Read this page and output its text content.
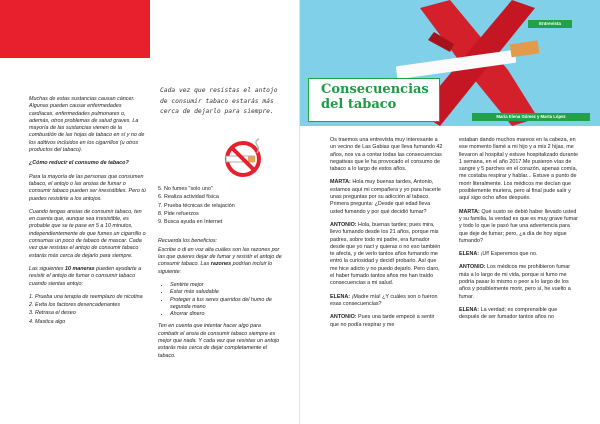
Muchas de estas sustancias causan cáncer. Algunas pueden causar enfermedades cardíacas, enfermedades pulmonares o, además, otros problemas de salud graves. La mayoría de las sustancias vienen de la combustión de las hojas de tabaco en sí y no de los aditivos incluidos en los cigarrillos (u otros productos del tabaco).

¿Cómo reducir el consumo de tabaco?

Para la mayoría de las personas que consumen tabaco, el antojo o las ansias de fumar o consumir tabaco pueden ser irresistibles. Pero tú puedes resistirte a los antojos.

Cuando tengas ansias de consumir tabaco, ten en cuenta que, aunque sea irresistible, es probable que se te pase en 5 a 10 minutos, independientemente de que fumes un cigarrillo o consumas un poco de tabaco de mascar. Cada vez que resistas el antojo de consumir tabaco estarás más cerca de dejarlo para siempre.

Las siguientes 10 maneras pueden ayudarte a resistir el antojo de fumar o consumir tabaco cuando sientas antojo:

1. Prueba una terapia de reemplazo de nicotina
2. Evita los factores desencadenantes
3. Retrasa el deseo
4. Mastica algo
Cada vez que resistas el antojo de consumir tabaco estarás más cerca de dejarlo para siempre.
5. No fumes "solo uno"
6. Realiza actividad física
7. Prueba técnicas de relajación
8. Pide refuerzos
9. Busca ayuda en Internet

Recuerda los beneficios:

Escribe o di en voz alta cuáles son las razones por las que quieres dejar de fumar y resistir el antojo de consumir tabaco. Las razones podrían incluir lo siguiente:

• Sentirte mejor
• Estar más saludable
• Proteger a tus seres queridos del humo de segunda mano
• Ahorrar dinero

Ten en cuenta que intentar hacer algo para combatir el ansia de consumir tabaco siempre es mejor que nada. Y cada vez que resistas un antojo estarás más cerca de dejar completamente el tabaco.

Entrevista
Consecuencias
del tabaco
María Elena Gómez y Marta López

Os traemos una entrevista muy interesante a un vecino de Las Gabias que lleva fumando 42 años, nos va a contar todas las consecuencias negativas que le ha provocado el consumo de tabaco a lo largo de estos años.

MARTA: Hola muy buenas tardes, Antonio, estamos aquí mi compañera y yo para hacerle unas preguntas por su adicción al tabaco. Primera pregunta: ¿Desde qué edad lleva usted fumando y por qué decidió fumar?

ANTONIO: Hola, buenas tardes; pues mira, llevo fumando desde los 21 años, porque mis padres, sobre todo mi padre, era fumador desde que yo nací y quieras o no eso también te afecta, y de verlo tantos años fumando me entró la curiosidad y decidí probarlo. Así que me hice adicto y no puedo dejarlo. Pero claro, el haber fumado tantos años me han traído consecuencias a mi salud.

ELENA: ¡Madre mía! ¿Y cuáles son o fueron esas consecuencias?

ANTONIO: Pues una tarde empecé a sentir que no podía respirar y me

estaban dando muchos mareos en la cabeza, en ese momento llamé a mi hijo y a mis 2 hijas, me llevaron al hospital y estuve hospitalizado durante 1 semana, en el año 2017.Me pusieron vías de sangre y 5 parches en el corazón, apenas comía, me costaba respirar y hablar... Estuve a punto de morir literalmente. Los médicos me decían que posiblemente muriera, pero al final pude salir y aquí sigo ocho años después.

MARTA: Qué susto se debió haber llevado usted y su familia, la verdad es que es muy grave fumar y todo lo que le pasó fue una advertencia para que deje de fumar; pero, ¿a día de hoy sigue fumando?

ELENA: ¡Uf! Esperemos que no.

ANTONIO: Los médicos me prohibieron fumar más a lo largo de mi vida, porque si fumo me podría pasar lo mismo o peor a lo largo de los años y posiblemente morir, pero sí, he vuelto a fumar.

ELENA: La verdad; es comprensible que después de ser fumador tantos años no
